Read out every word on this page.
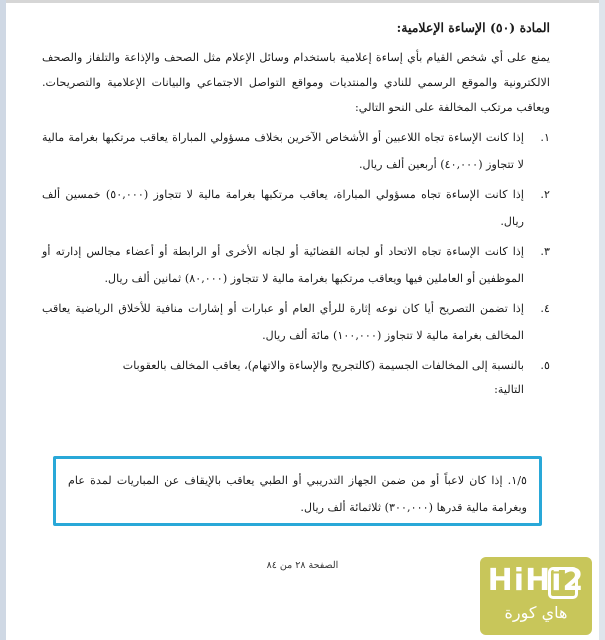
المادة (٥٠) الإساءة الإعلامية:

يمنع على أي شخص القيام بأي إساءة إعلامية باستخدام وسائل الإعلام مثل الصحف والإذاعة والتلفاز والصحف الالكترونية والموقع الرسمي للنادي والمنتديات ومواقع التواصل الاجتماعي والبيانات الإعلامية والتصريحات. ويعاقب مرتكب المخالفة على النحو التالي:

١.
إذا كانت الإساءة تجاه اللاعبين أو الأشخاص الآخرين بخلاف مسؤولي المباراة يعاقب مرتكبها بغرامة مالية لا تتجاوز (٤٠,٠٠٠) أربعين ألف ريال.
٢.
إذا كانت الإساءة تجاه مسؤولي المباراة، يعاقب مرتكبها بغرامة مالية لا تتجاوز (٥٠,٠٠٠) خمسين ألف ريال.
٣.
إذا كانت الإساءة تجاه الاتحاد أو لجانه القضائية أو لجانه الأخرى أو الرابطة أو أعضاء مجالس إدارته أو الموظفين أو العاملين فيها ويعاقب مرتكبها بغرامة مالية لا تتجاوز (٨٠,٠٠٠) ثمانين ألف ريال.
٤.
إذا تضمن التصريح أيا كان نوعه إثارة للرأي العام أو عبارات أو إشارات منافية للأخلاق الرياضية يعاقب المخالف بغرامة مالية لا تتجاوز (١٠٠,٠٠٠) مائة ألف ريال.
٥.
بالنسبة إلى المخالفات الجسيمة (كالتجريح والإساءة والاتهام)، يعاقب المخالف بالعقوبات
التالية:
١/٥. إذا كان لاعباً أو من ضمن الجهاز التدريبي أو الطبي يعاقب بالإيقاف عن المباريات لمدة عام وبغرامة مالية قدرها (٣٠٠,٠٠٠) ثلاثمائة ألف ريال.
الصفحة ٢٨ من ٨٤	HiHi2
هاي كورة
